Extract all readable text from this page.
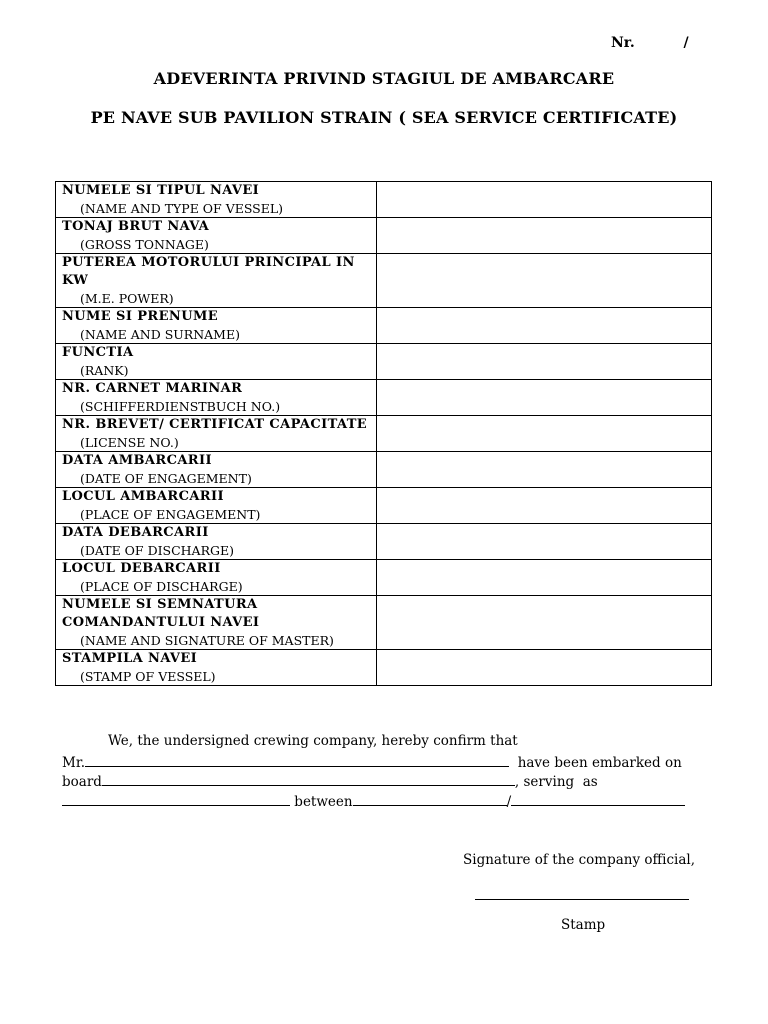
Nr.          /
ADEVERINTA PRIVIND STAGIUL DE AMBARCARE
PE NAVE SUB PAVILION STRAIN ( SEA SERVICE CERTIFICATE)
NUMELE SI TIPUL NAVEI
(NAME AND TYPE OF VESSEL)	

TONAJ BRUT NAVA
(GROSS TONNAGE)	

PUTEREA MOTORULUI PRINCIPAL IN KW
(M.E. POWER)	

NUME SI PRENUME
(NAME AND SURNAME)	

FUNCTIA
(RANK)	

NR. CARNET MARINAR
(SCHIFFERDIENSTBUCH NO.)	

NR. BREVET/ CERTIFICAT CAPACITATE
(LICENSE NO.)	

DATA AMBARCARII
(DATE OF ENGAGEMENT)	

LOCUL AMBARCARII
(PLACE OF ENGAGEMENT)	

DATA DEBARCARII
(DATE OF DISCHARGE)	

LOCUL DEBARCARII
(PLACE OF DISCHARGE)	

NUMELE SI SEMNATURA COMANDANTULUI NAVEI
(NAME AND SIGNATURE OF MASTER)	

STAMPILA NAVEI
(STAMP OF VESSEL)	

We, the undersigned crewing company, hereby confirm that
Mr.	have been embarked on
board	, serving  as
between	/
Signature of the company official,
Stamp
